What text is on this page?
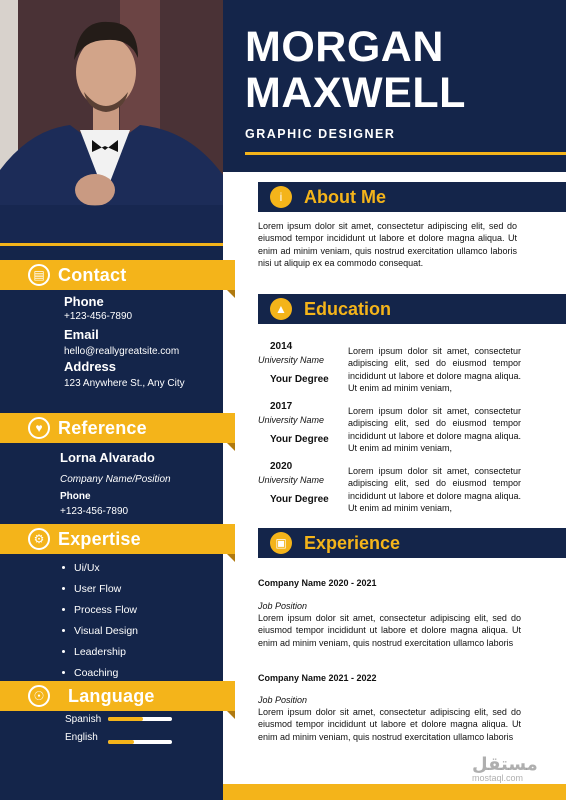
▤ Contact
Phone
+123-456-7890
Email
hello@reallygreatsite.com
Address
123 Anywhere St., Any City
♥ Reference
Lorna Alvarado
Company Name/Position
Phone
+123-456-7890
⚙ Expertise
Ui/Ux
User Flow
Process Flow
Visual Design
Leadership
Coaching
☉	Language
Spanish
English
MORGAN
MAXWELL
GRAPHIC DESIGNER
i	About Me
Lorem ipsum dolor sit amet, consectetur adipiscing elit, sed do eiusmod tempor incididunt ut labore et dolore magna aliqua. Ut enim ad minim veniam, quis nostrud exercitation ullamco laboris nisi ut aliquip ex ea commodo consequat.
▲ Education
2014
University Name
Your Degree
Lorem ipsum dolor sit amet, consectetur adipiscing elit, sed do eiusmod tempor incididunt ut labore et dolore magna aliqua. Ut enim ad minim veniam,
2017
University Name
Your Degree
Lorem ipsum dolor sit amet, consectetur adipiscing elit, sed do eiusmod tempor incididunt ut labore et dolore magna aliqua. Ut enim ad minim veniam,
2020
University Name
Your Degree
Lorem ipsum dolor sit amet, consectetur adipiscing elit, sed do eiusmod tempor incididunt ut labore et dolore magna aliqua. Ut enim ad minim veniam,
▣ Experience
Company Name 2020 - 2021
Job Position
Lorem ipsum dolor sit amet, consectetur adipiscing elit, sed do eiusmod tempor incididunt ut labore et dolore magna aliqua. Ut enim ad minim veniam, quis nostrud exercitation ullamco laboris
Company Name 2021 - 2022
Job Position
Lorem ipsum dolor sit amet, consectetur adipiscing elit, sed do eiusmod tempor incididunt ut labore et dolore magna aliqua. Ut enim ad minim veniam, quis nostrud exercitation ullamco laboris
مستقل
mostaql.com
